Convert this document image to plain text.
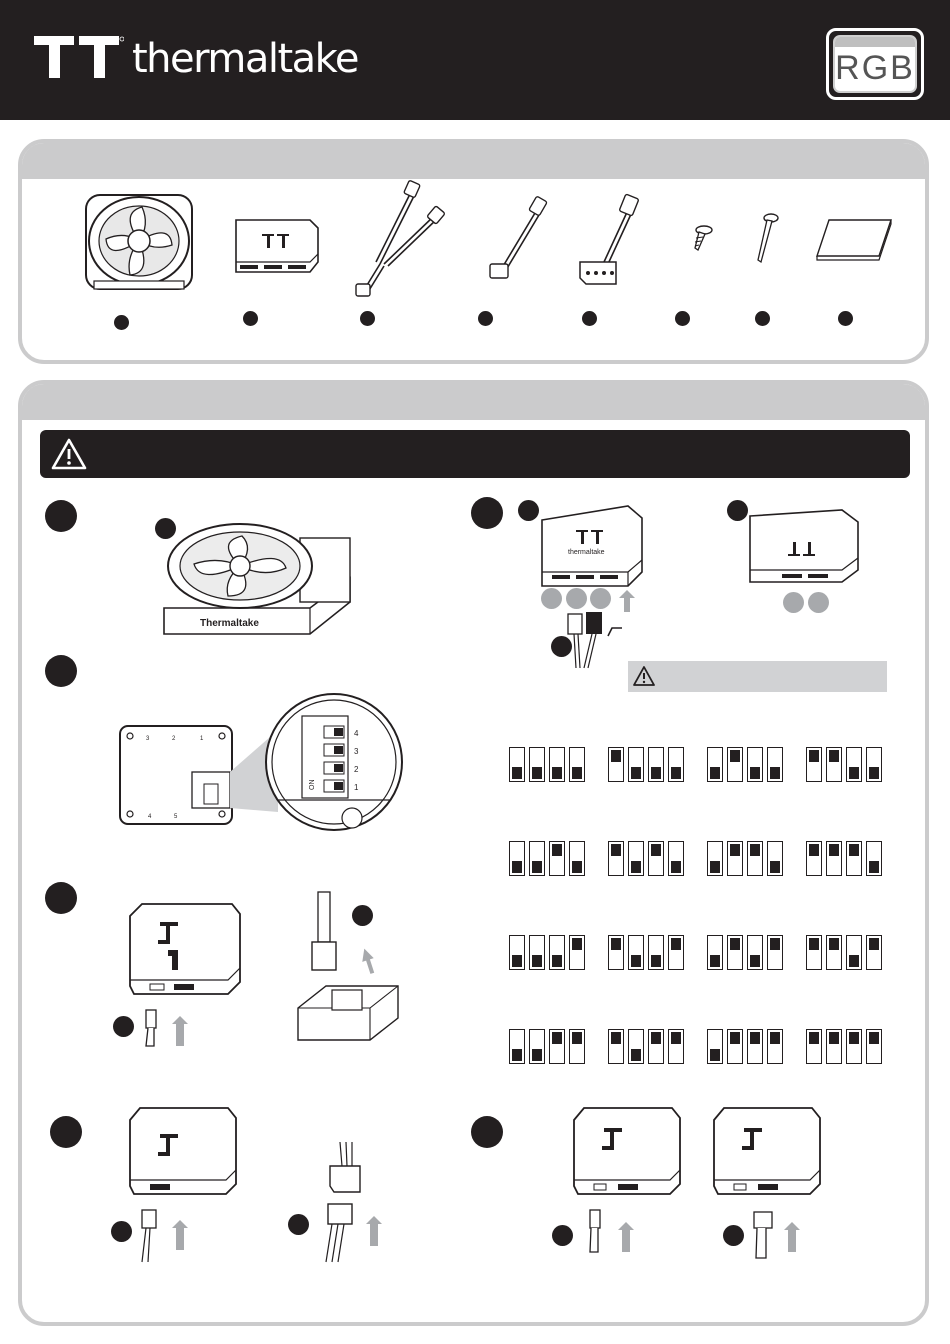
thermaltake	RGB
Thermaltake
thermaltake
3	2	1
4	5
4
3
2
1
ON
